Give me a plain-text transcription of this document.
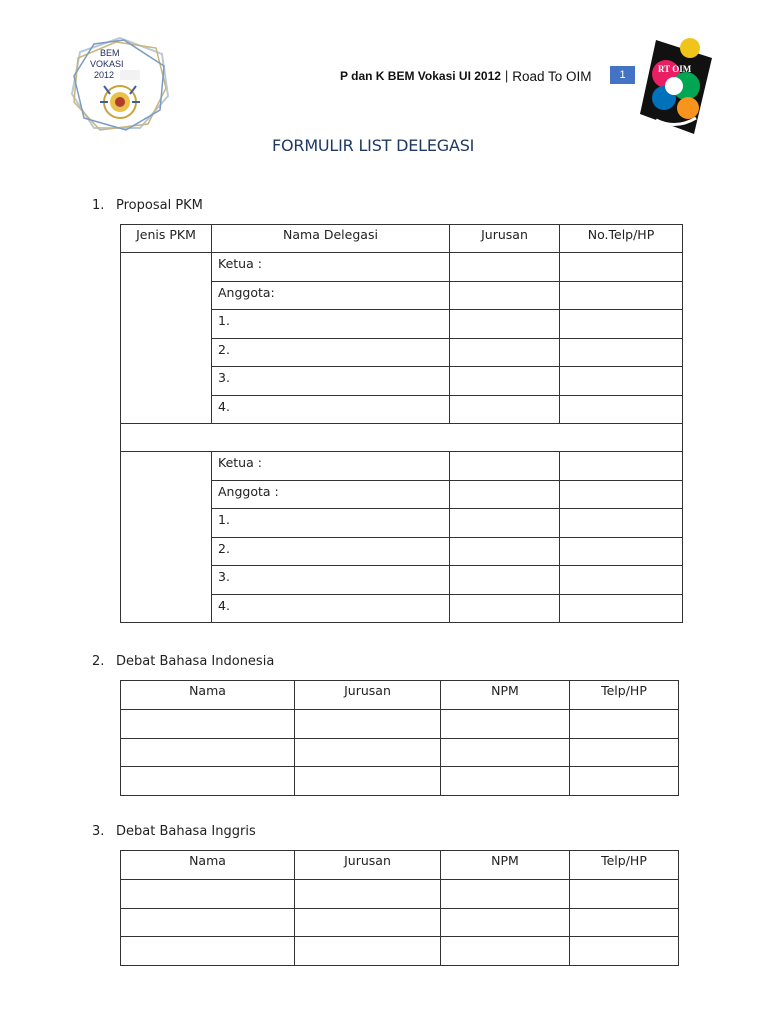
BEM
VOKASI
2012	P dan K BEM Vokasi UI 2012 | Road To OIM	1	RT OIM
FORMULIR LIST DELEGASI
1. Proposal PKM
Jenis PKM	Nama Delegasi	Jurusan	No.Telp/HP
	Ketua :		
	Anggota:		
	1.		
	2.		
	3.		
	4.		

	Ketua :		
	Anggota :		
	1.		
	2.		
	3.		
	4.		
2. Debat Bahasa Indonesia
Nama	Jurusan	NPM	Telp/HP

3. Debat Bahasa Inggris
Nama	Jurusan	NPM	Telp/HP
